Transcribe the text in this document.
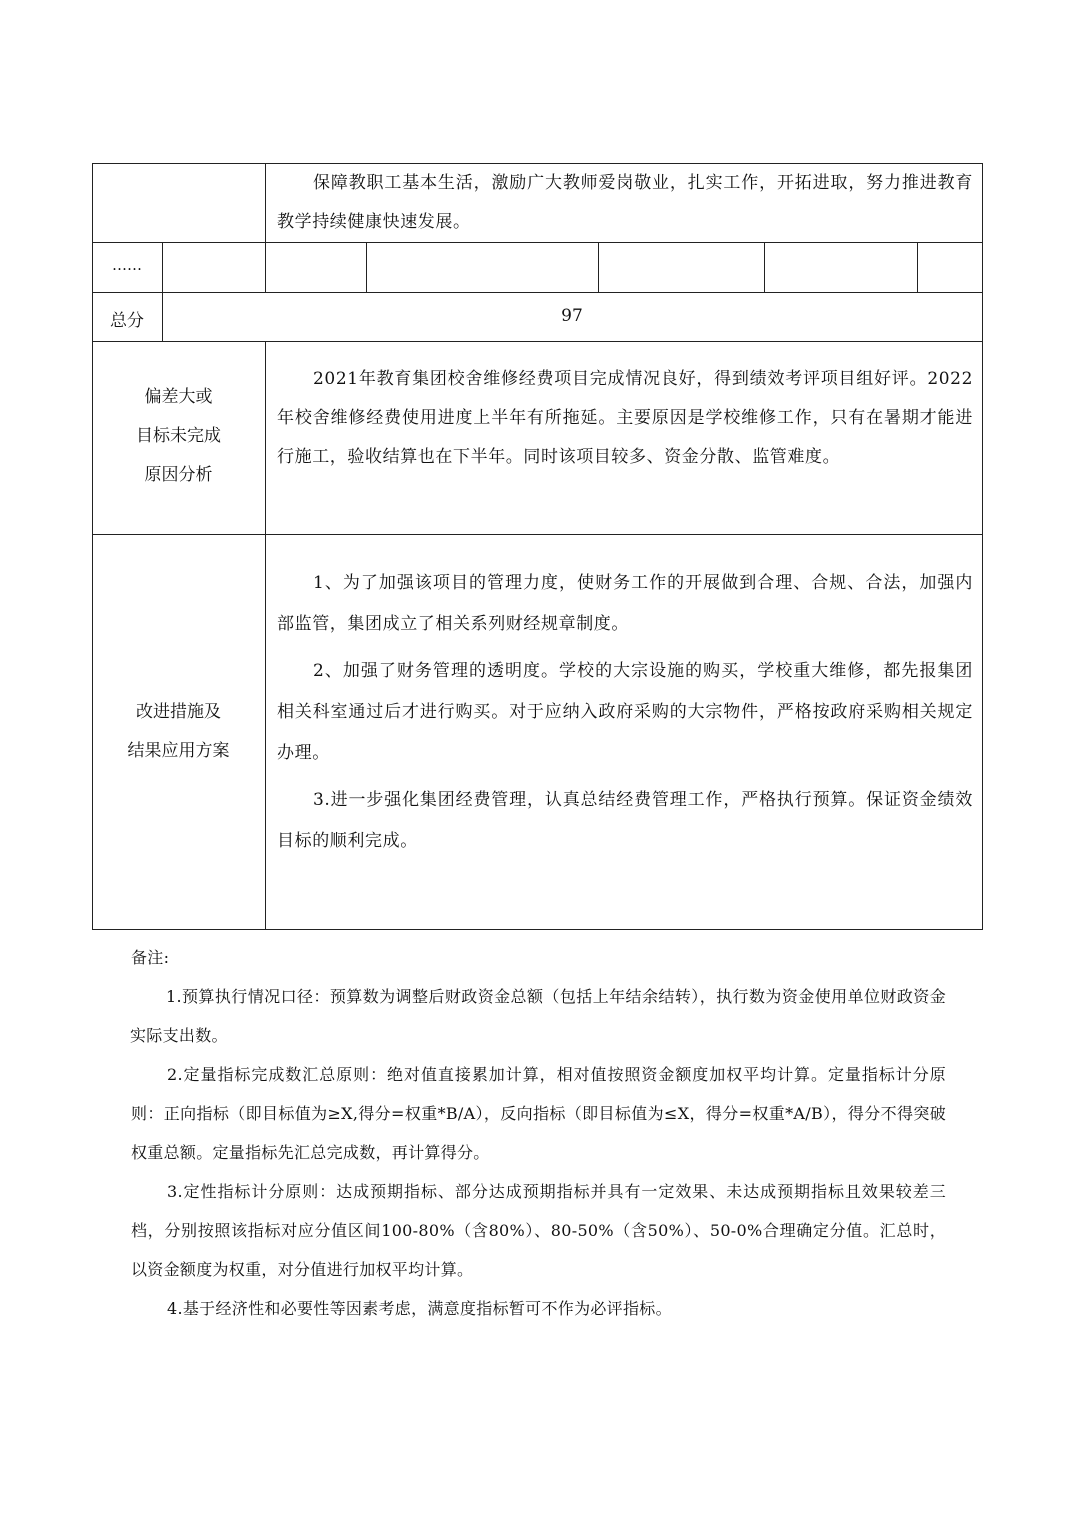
保障教职工基本生活，激励广大教师爱岗敬业，扎实工作，开拓进取，努力推进教育教学持续健康快速发展。

……
总分	97
偏差大或
目标未完成
原因分析

2021年教育集团校舍维修经费项目完成情况良好，得到绩效考评项目组好评。2022年校舍维修经费使用进度上半年有所拖延。主要原因是学校维修工作，只有在暑期才能进行施工，验收结算也在下半年。同时该项目较多、资金分散、监管难度。

改进措施及
结果应用方案

1、为了加强该项目的管理力度，使财务工作的开展做到合理、合规、合法，加强内部监管，集团成立了相关系列财经规章制度。

2、加强了财务管理的透明度。学校的大宗设施的购买，学校重大维修，都先报集团相关科室通过后才进行购买。对于应纳入政府采购的大宗物件，严格按政府采购相关规定办理。

3.进一步强化集团经费管理，认真总结经费管理工作，严格执行预算。保证资金绩效目标的顺利完成。

备注:

1.预算执行情况口径：预算数为调整后财政资金总额（包括上年结余结转），执行数为资金使用单位财政资金实际支出数。

2.定量指标完成数汇总原则：绝对值直接累加计算，相对值按照资金额度加权平均计算。定量指标计分原则：正向指标（即目标值为≥X,得分=权重*B/A），反向指标（即目标值为≤X，得分=权重*A/B），得分不得突破权重总额。定量指标先汇总完成数，再计算得分。

3.定性指标计分原则：达成预期指标、部分达成预期指标并具有一定效果、未达成预期指标且效果较差三档，分别按照该指标对应分值区间100-80%（含80%）、80-50%（含50%）、50-0%合理确定分值。汇总时，以资金额度为权重，对分值进行加权平均计算。

4.基于经济性和必要性等因素考虑，满意度指标暂可不作为必评指标。
